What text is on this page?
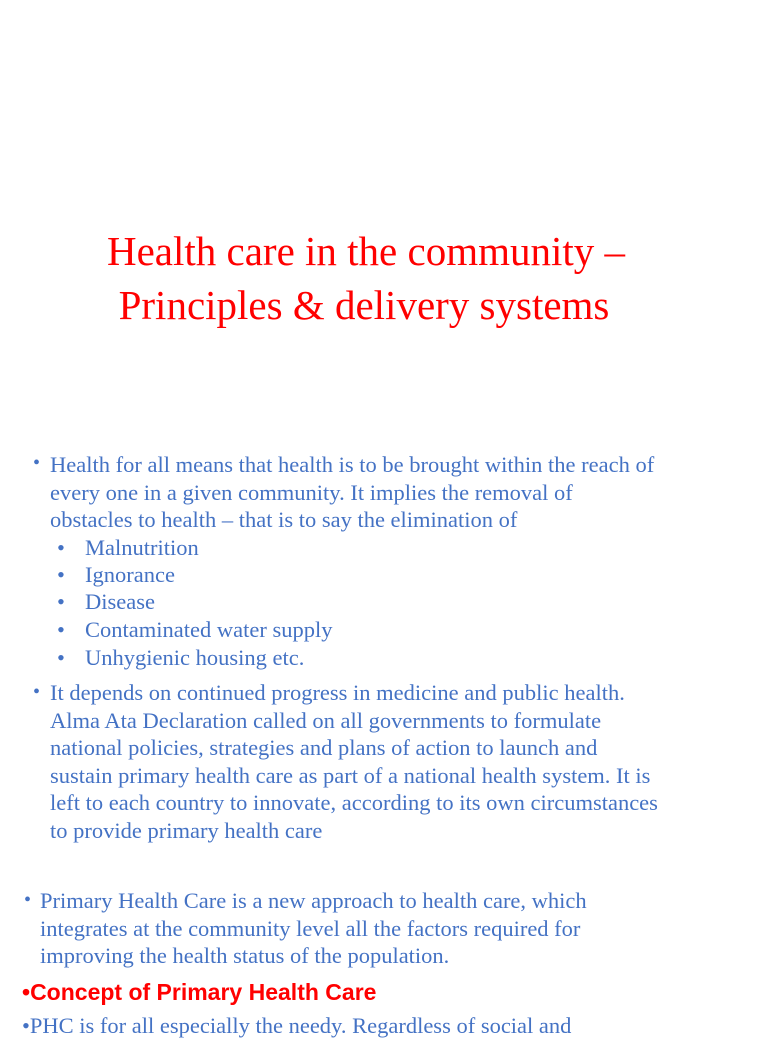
Health care in the community –
Principles & delivery systems
• Health for all means that health is to be brought within the reach of
every one in a given community. It implies the removal of
obstacles to health – that is to say the elimination of
• Malnutrition
• Ignorance
• Disease
• Contaminated water supply
• Unhygienic housing etc.
• It depends on continued progress in medicine and public health.
Alma Ata Declaration called on all governments to formulate
national policies, strategies and plans of action to launch and
sustain primary health care as part of a national health system. It is
left to each country to innovate, according to its own circumstances
to provide primary health care
• Primary Health Care is a new approach to health care, which
integrates at the community level all the factors required for
improving the health status of the population.
•Concept of Primary Health Care
•PHC is for all especially the needy. Regardless of social and
